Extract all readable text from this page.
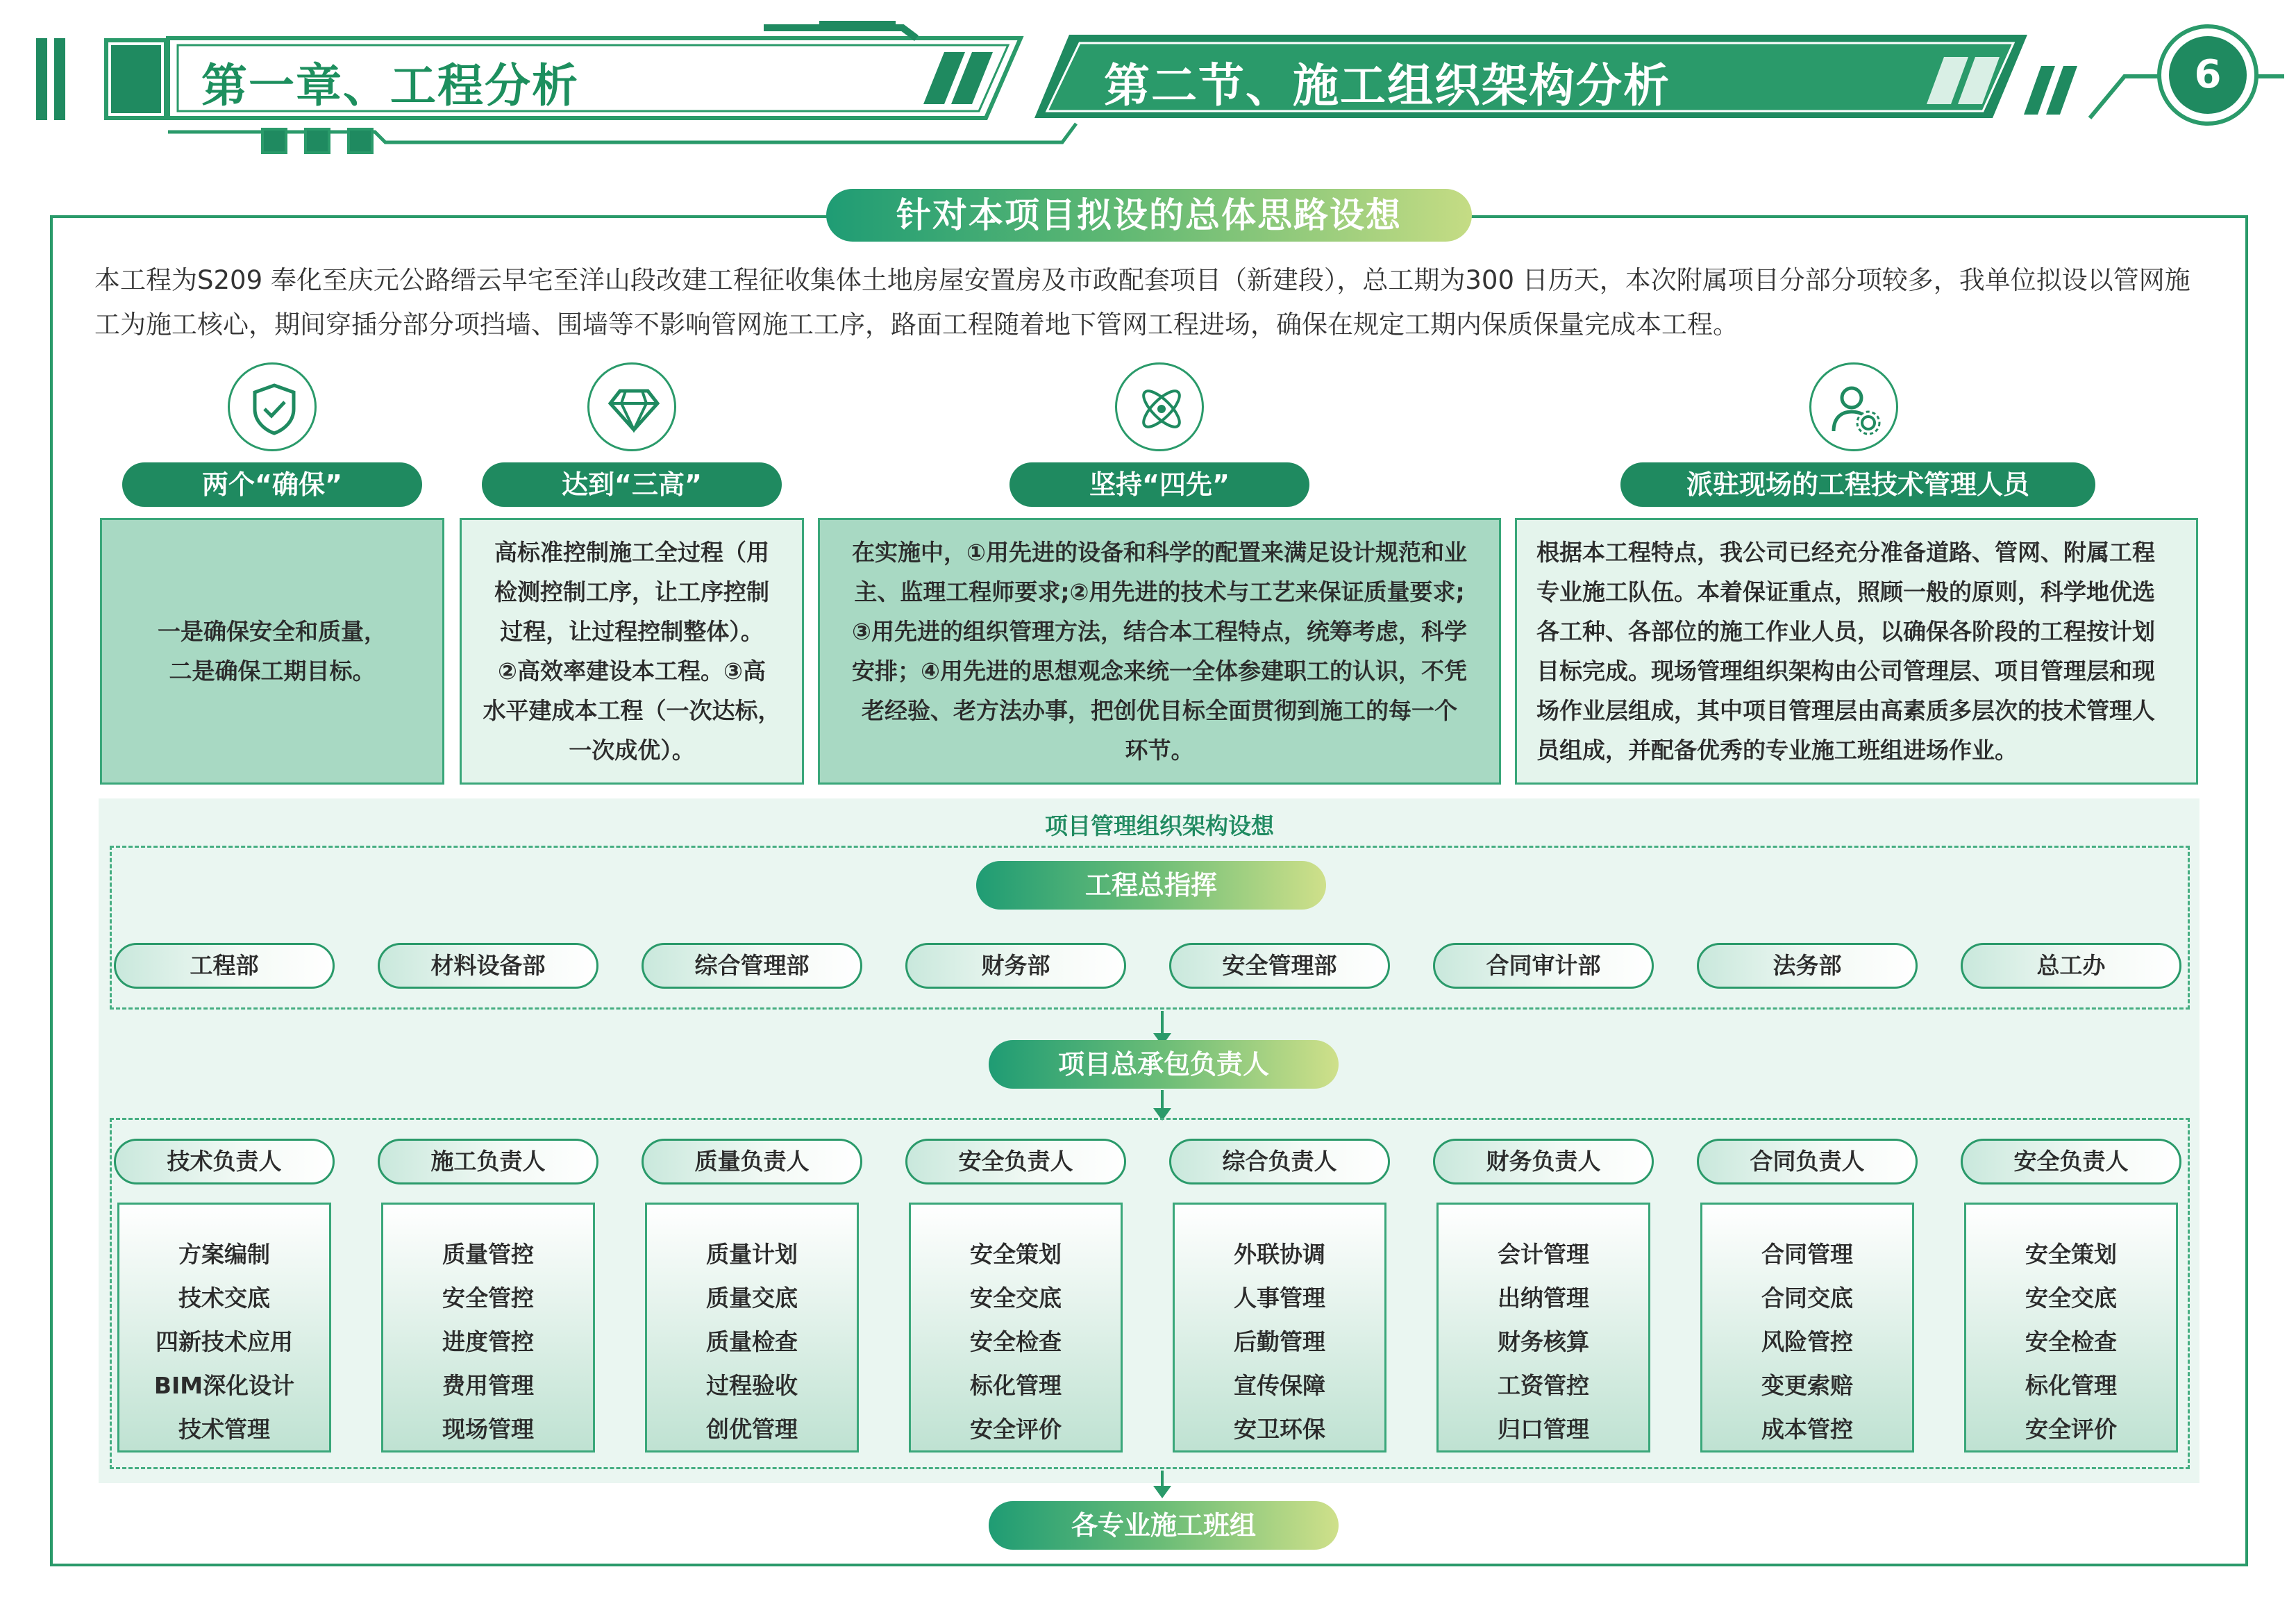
第一章、工程分析	第二节、施工组织架构分析	6
针对本项目拟设的总体思路设想
本工程为S209 奉化至庆元公路缙云早宅至洋山段改建工程征收集体土地房屋安置房及市政配套项目（新建段），总工期为300 日历天，本次附属项目分部分项较多，我单位拟设以管网施工为施工核心，期间穿插分部分项挡墙、围墙等不影响管网施工工序，路面工程随着地下管网工程进场，确保在规定工期内保质保量完成本工程。
两个“确保”	达到“三高”	坚持“四先”	派驻现场的工程技术管理人员
一是确保安全和质量，
二是确保工期目标。
高标准控制施工全过程（用
检测控制工序，让工序控制
过程，让过程控制整体）。
②高效率建设本工程。③高
水平建成本工程（一次达标，
一次成优）。
在实施中，①用先进的设备和科学的配置来满足设计规范和业
主、监理工程师要求;②用先进的技术与工艺来保证质量要求;
③用先进的组织管理方法，结合本工程特点，统筹考虑，科学
安排；④用先进的思想观念来统一全体参建职工的认识，不凭
老经验、老方法办事，把创优目标全面贯彻到施工的每一个
环节。
根据本工程特点，我公司已经充分准备道路、管网、附属工程
专业施工队伍。本着保证重点，照顾一般的原则，科学地优选
各工种、各部位的施工作业人员，以确保各阶段的工程按计划
目标完成。现场管理组织架构由公司管理层、项目管理层和现
场作业层组成，其中项目管理层由高素质多层次的技术管理人
员组成，并配备优秀的专业施工班组进场作业。
项目管理组织架构设想
工程总指挥
工程部	材料设备部	综合管理部	财务部	安全管理部	合同审计部	法务部	总工办
项目总承包负责人
技术负责人	施工负责人	质量负责人	安全负责人	综合负责人	财务负责人	合同负责人	安全负责人
方案编制
技术交底
四新技术应用
BIM深化设计
技术管理
质量管控
安全管控
进度管控
费用管理
现场管理
质量计划
质量交底
质量检查
过程验收
创优管理
安全策划
安全交底
安全检查
标化管理
安全评价
外联协调
人事管理
后勤管理
宣传保障
安卫环保
会计管理
出纳管理
财务核算
工资管控
归口管理
合同管理
合同交底
风险管控
变更索赔
成本管控
安全策划
安全交底
安全检查
标化管理
安全评价
各专业施工班组
